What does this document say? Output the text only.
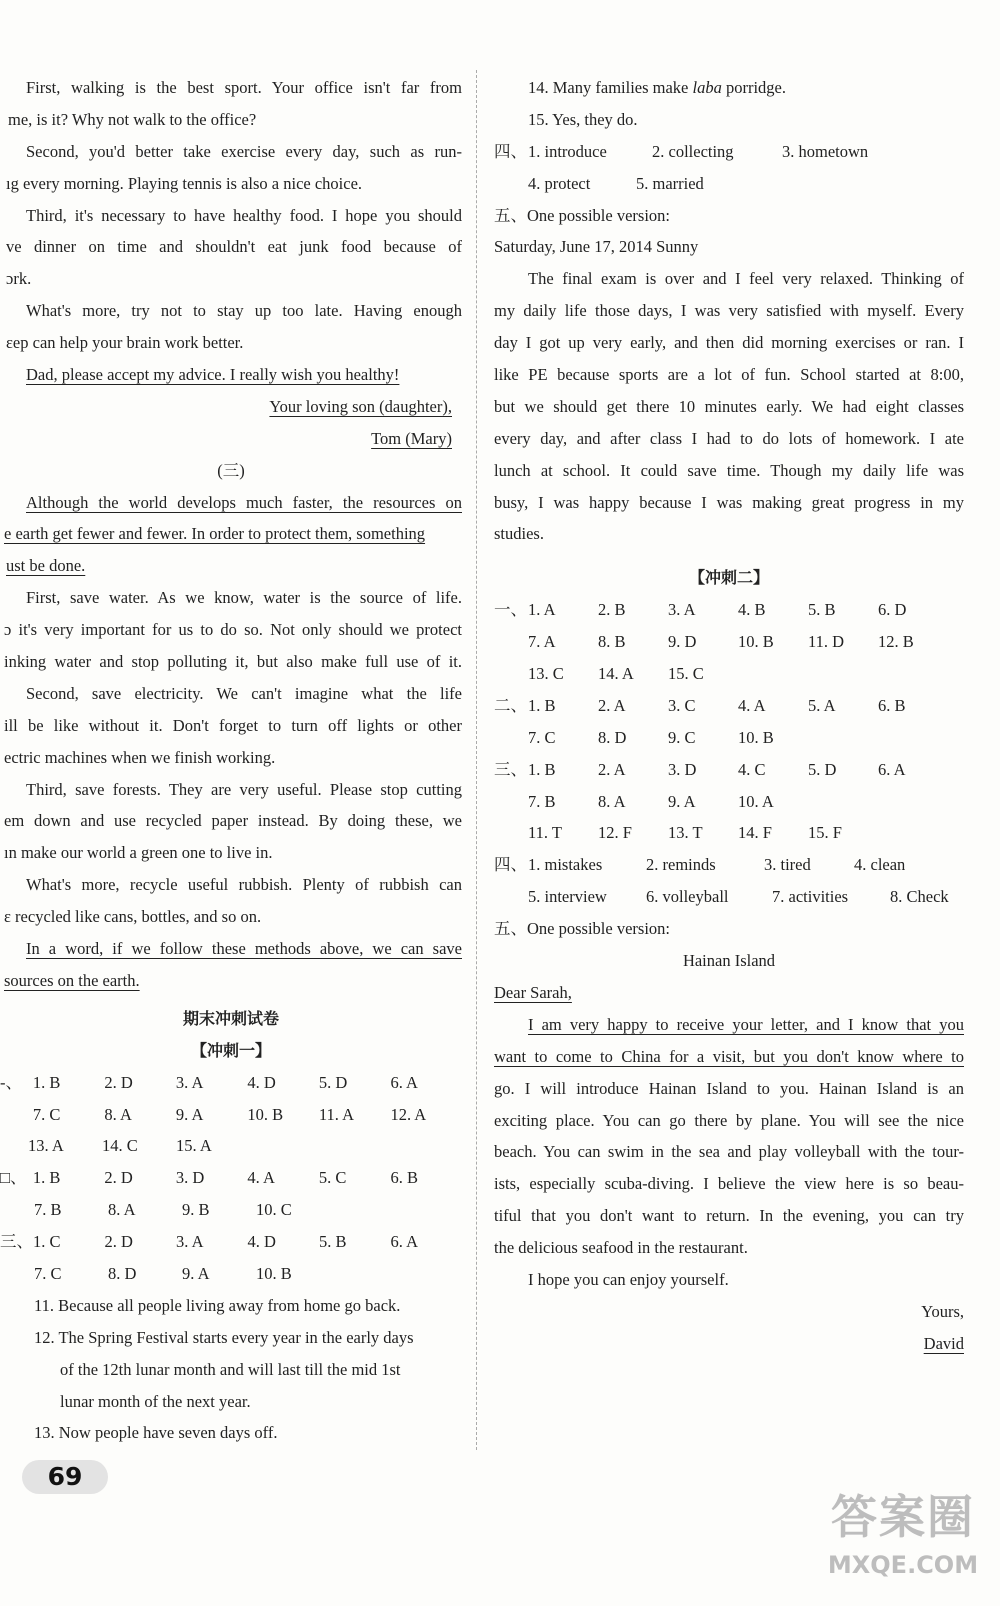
First, walking is the best sport. Your office isn't far from
me, is it? Why not walk to the office?
Second, you'd better take exercise every day, such as run-
ıg every morning. Playing tennis is also a nice choice.
Third, it's necessary to have healthy food. I hope you should
ve dinner on time and shouldn't eat junk food because of
ɔrk.
What's more, try not to stay up too late. Having enough
ɛep can help your brain work better.
Dad, please accept my advice. I really wish you healthy!
Your loving son (daughter),
Tom (Mary)
(三)
Although the world develops much faster, the resources on
e earth get fewer and fewer. In order to protect them, something
ust be done.
First, save water. As we know, water is the source of life.
ɔ it's very important for us to do so. Not only should we protect
inking water and stop polluting it, but also make full use of it.
Second, save electricity. We can't imagine what the life
ill be like without it. Don't forget to turn off lights or other
ectric machines when we finish working.
Third, save forests. They are very useful. Please stop cutting
em down and use recycled paper instead. By doing these, we
ın make our world a green one to live in.
What's more, recycle useful rubbish. Plenty of rubbish can
ɛ recycled like cans, bottles, and so on.
In a word, if we follow these methods above, we can save
sources on the earth.
期末冲刺试卷
【冲刺一】
-、 1. B	2. D	3. A	4. D	5. D	6. A
7. C	8. A	9. A	10. B	11. A	12. A
13. A	14. C	15. A
□、 1. B	2. D	3. D	4. A	5. C	6. B
7. B	8. A	9. B	10. C
三、 1. C	2. D	3. A	4. D	5. B	6. A
7. C	8. D	9. A	10. B
11. Because all people living away from home go back.
12. The Spring Festival starts every year in the early days
of the 12th lunar month and will last till the mid 1st
lunar month of the next year.
13. Now people have seven days off.
14. Many families make laba porridge.
15. Yes, they do.
四、 1. introduce	2. collecting	3. hometown
4. protect	5. married
五、One possible version:
Saturday, June 17, 2014 Sunny
The final exam is over and I feel very relaxed. Thinking of
my daily life those days, I was very satisfied with myself. Every
day I got up very early, and then did morning exercises or ran. I
like PE because sports are a lot of fun. School started at 8:00,
but we should get there 10 minutes early. We had eight classes
every day, and after class I had to do lots of homework. I ate
lunch at school. It could save time. Though my daily life was
busy, I was happy because I was making great progress in my
studies.
【冲刺二】
一、 1. A	2. B	3. A	4. B	5. B	6. D
7. A	8. B	9. D	10. B	11. D	12. B
13. C	14. A	15. C
二、 1. B	2. A	3. C	4. A	5. A	6. B
7. C	8. D	9. C	10. B
三、 1. B	2. A	3. D	4. C	5. D	6. A
7. B	8. A	9. A	10. A
11. T	12. F	13. T	14. F	15. F
四、 1. mistakes	2. reminds	3. tired	4. clean
5. interview	6. volleyball	7. activities	8. Check
五、One possible version:
Hainan Island
Dear Sarah,
I am very happy to receive your letter, and I know that you
want to come to China for a visit, but you don't know where to
go. I will introduce Hainan Island to you. Hainan Island is an
exciting place. You can go there by plane. You will see the nice
beach. You can swim in the sea and play volleyball with the tour-
ists, especially scuba-diving. I believe the view here is so beau-
tiful that you don't want to return. In the evening, you can try
the delicious seafood in the restaurant.
I hope you can enjoy yourself.
Yours,
David
69
答案圈
MXQE.COM
